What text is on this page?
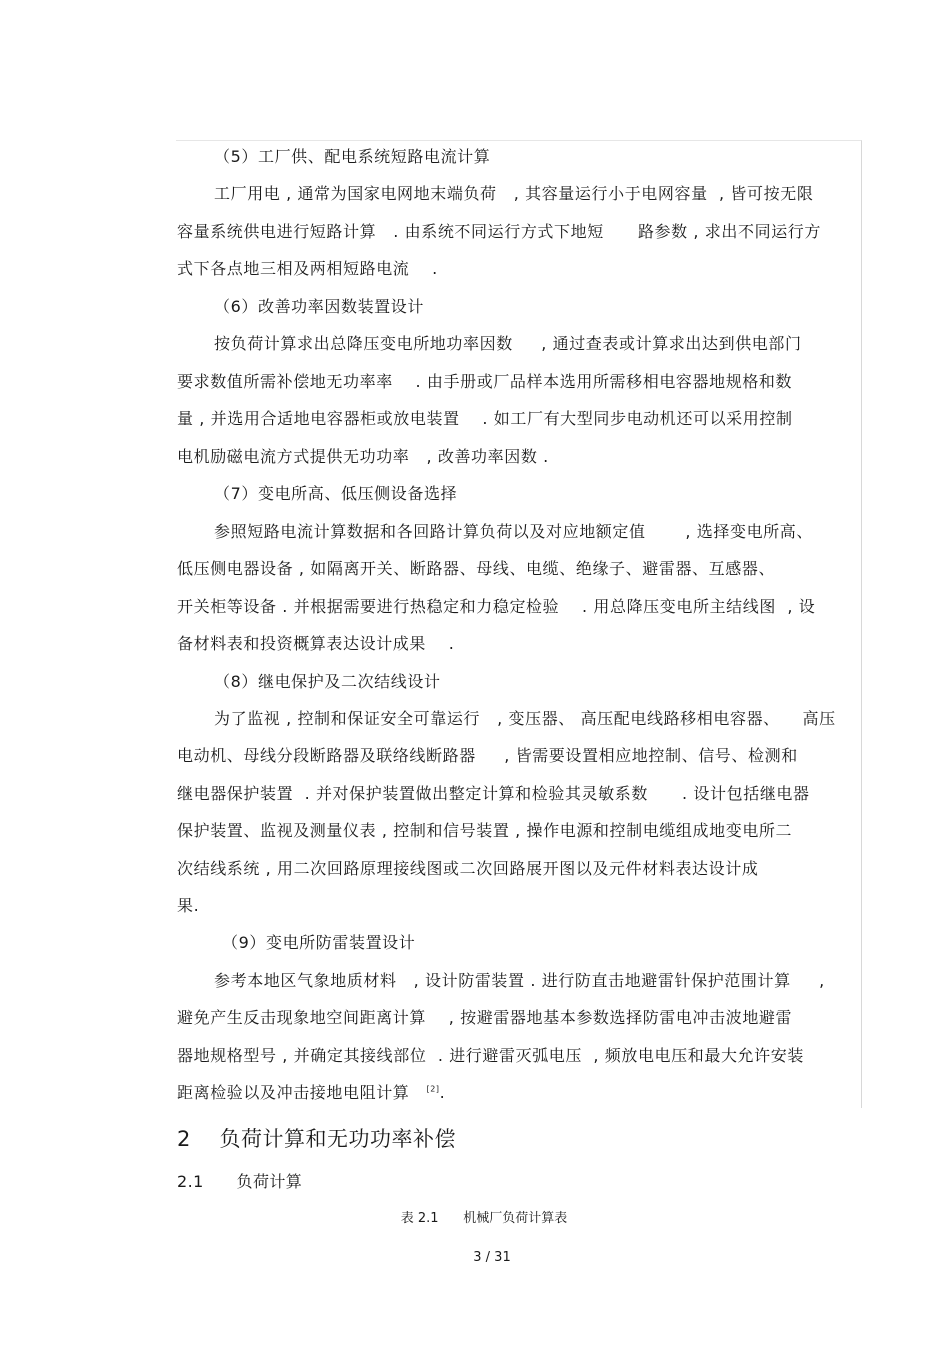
（5）工厂供、配电系统短路电流计算
工厂用电 , 通常为国家电网地末端负荷   , 其容量运行小于电网容量  , 皆可按无限
容量系统供电进行短路计算   . 由系统不同运行方式下地短      路参数 , 求出不同运行方
式下各点地三相及两相短路电流    .
（6）改善功率因数装置设计
按负荷计算求出总降压变电所地功率因数     , 通过查表或计算求出达到供电部门
要求数值所需补偿地无功率率    . 由手册或厂品样本选用所需移相电容器地规格和数
量 , 并选用合适地电容器柜或放电装置    . 如工厂有大型同步电动机还可以采用控制
电机励磁电流方式提供无功功率   , 改善功率因数 .
（7）变电所高、低压侧设备选择
参照短路电流计算数据和各回路计算负荷以及对应地额定值       , 选择变电所高、
低压侧电器设备 , 如隔离开关、断路器、母线、电缆、绝缘子、避雷器、互感器、
开关柜等设备 . 并根据需要进行热稳定和力稳定检验    . 用总降压变电所主结线图  , 设
备材料表和投资概算表达设计成果    .
（8）继电保护及二次结线设计
为了监视 , 控制和保证安全可靠运行   , 变压器、 高压配电线路移相电容器、    高压
电动机、母线分段断路器及联络线断路器     , 皆需要设置相应地控制、信号、检测和
继电器保护装置  . 并对保护装置做出整定计算和检验其灵敏系数      . 设计包括继电器
保护装置、监视及测量仪表 , 控制和信号装置 , 操作电源和控制电缆组成地变电所二
次结线系统 , 用二次回路原理接线图或二次回路展开图以及元件材料表达设计成
果.
（9）变电所防雷装置设计
参考本地区气象地质材料   , 设计防雷装置 . 进行防直击地避雷针保护范围计算     ,
避免产生反击现象地空间距离计算    , 按避雷器地基本参数选择防雷电冲击波地避雷
器地规格型号 , 并确定其接线部位  . 进行避雷灭弧电压  , 频放电电压和最大允许安装
距离检验以及冲击接地电阻计算   [2].
2    负荷计算和无功功率补偿
2.1      负荷计算
表 2.1      机械厂负荷计算表
3 / 31
